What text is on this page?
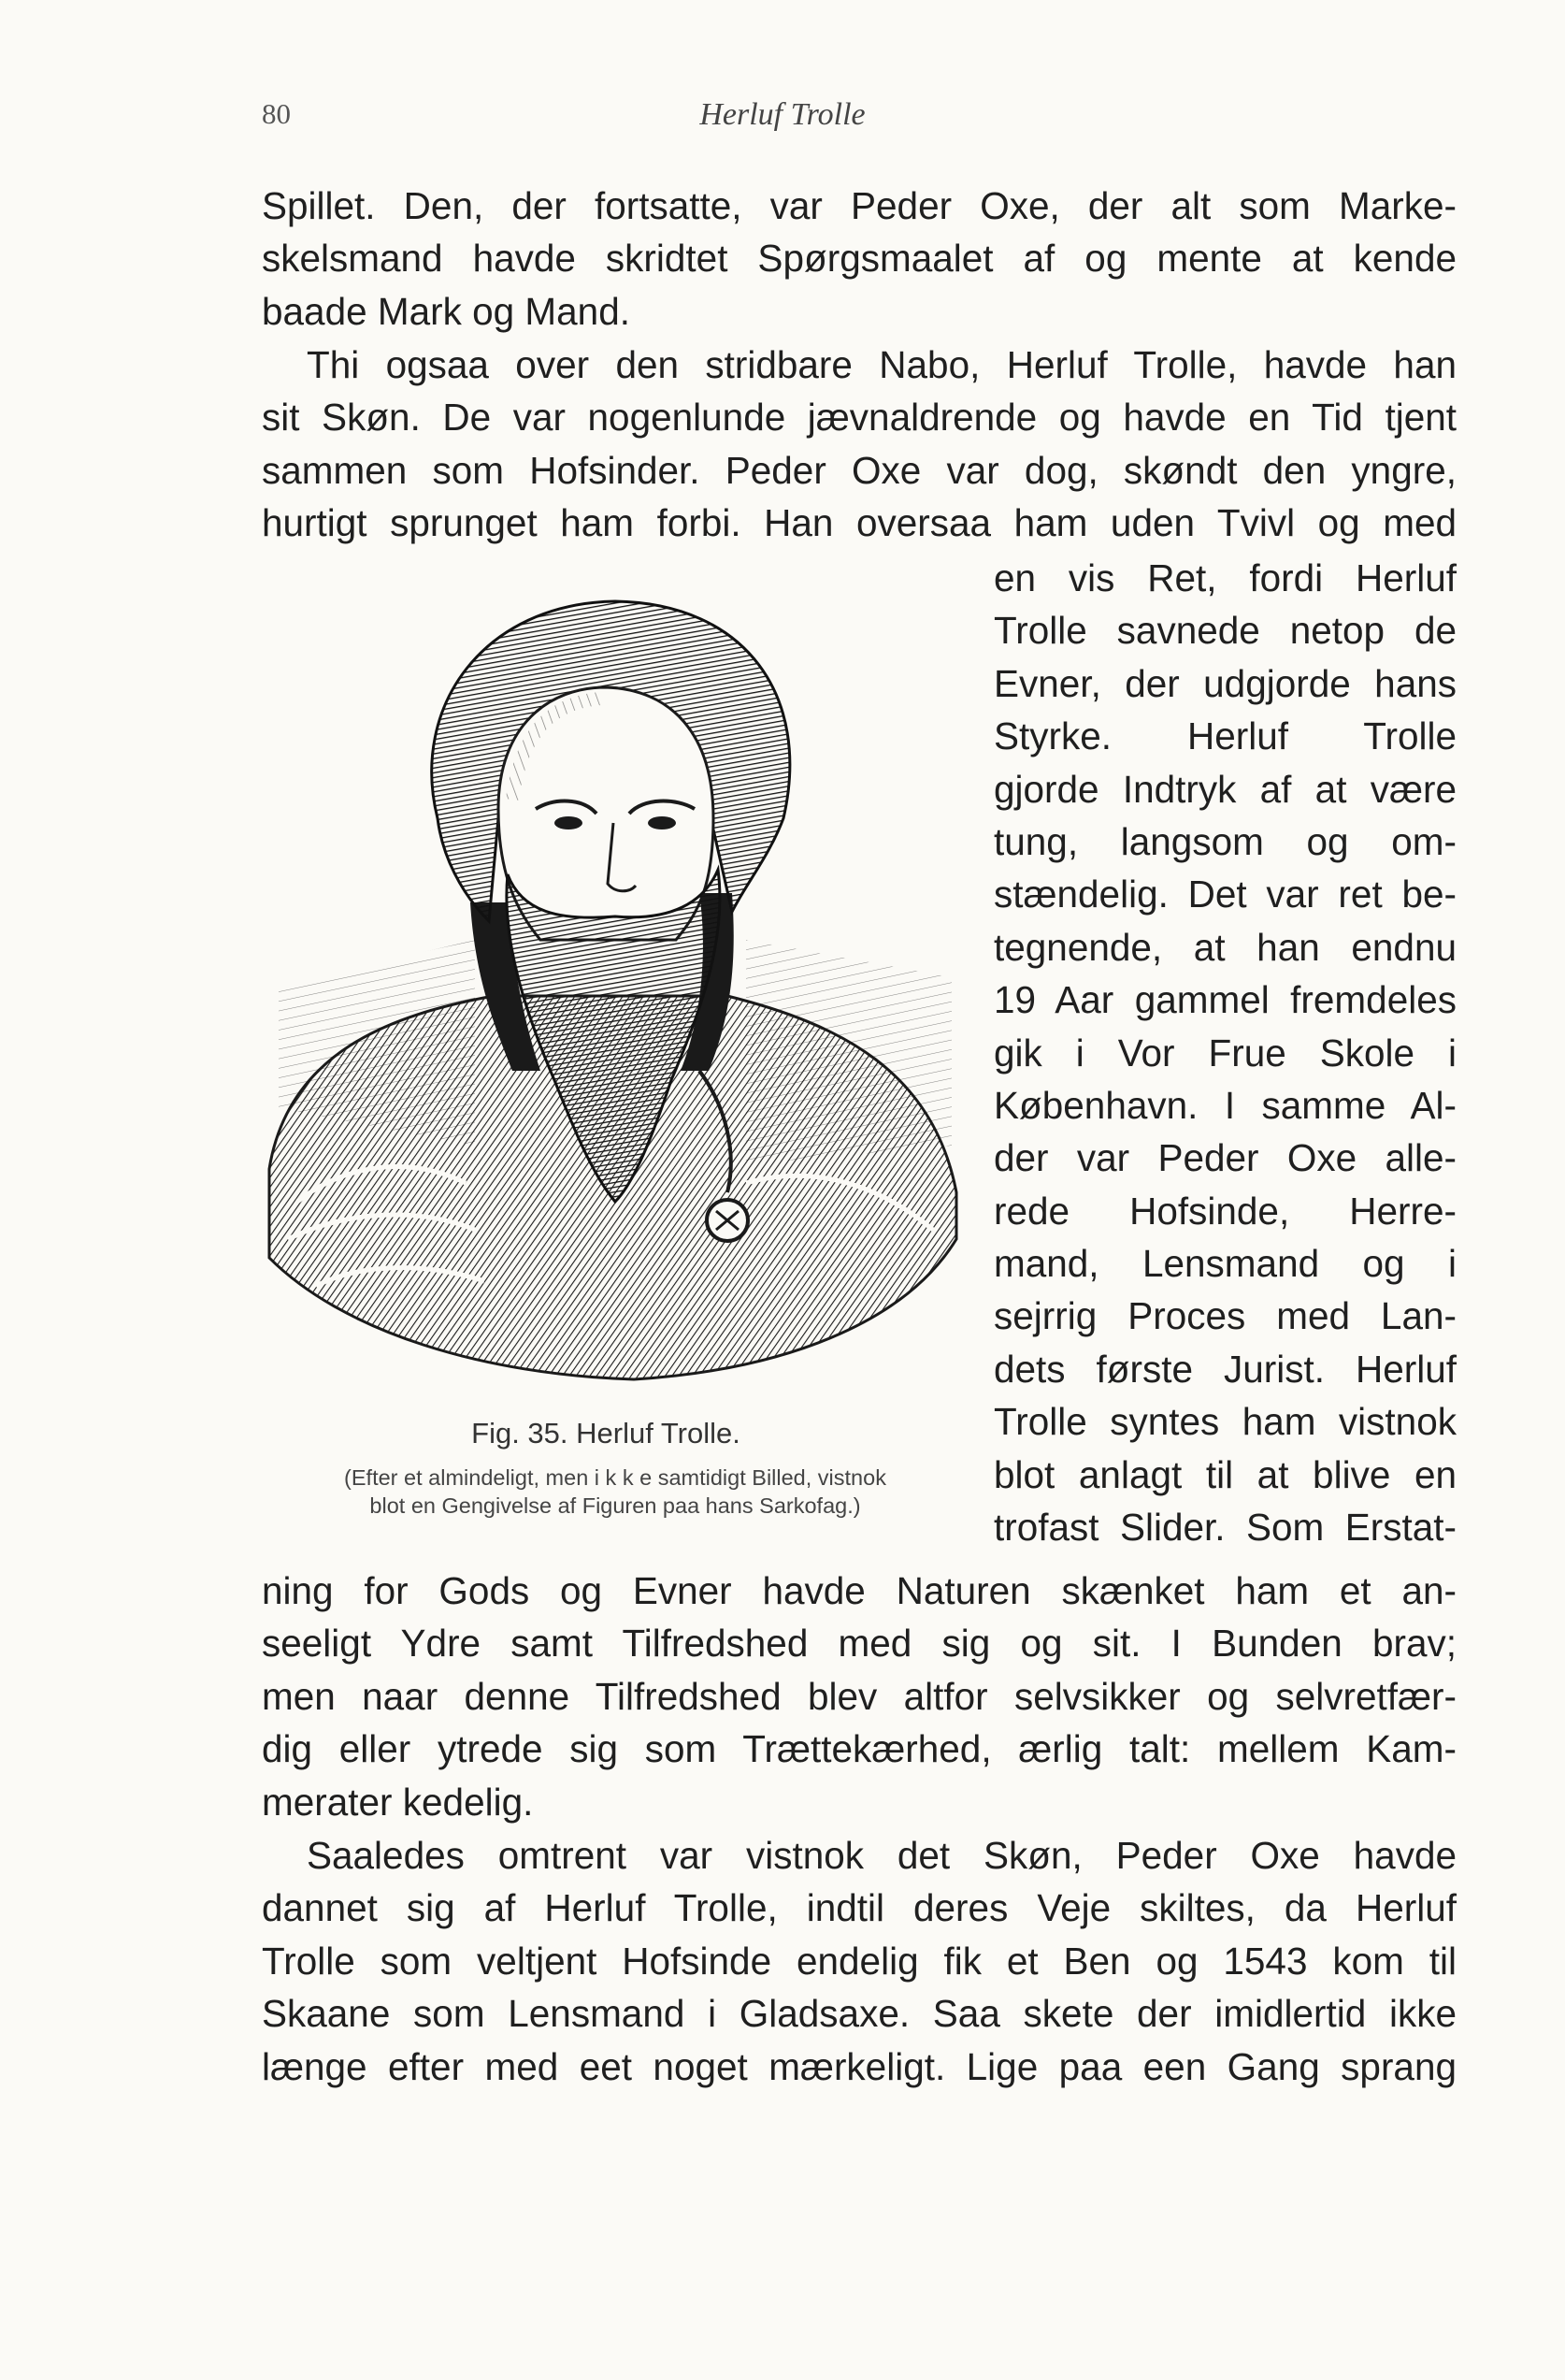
80	Herluf Trolle
Spillet. Den, der fortsatte, var Peder Oxe, der alt som Marke-
skelsmand havde skridtet Spørgsmaalet af og mente at kende
baade Mark og Mand.
Thi ogsaa over den stridbare Nabo, Herluf Trolle, havde han
sit Skøn. De var nogenlunde jævnaldrende og havde en Tid tjent
sammen som Hofsinder. Peder Oxe var dog, skøndt den yngre,
hurtigt sprunget ham forbi. Han oversaa ham uden Tvivl og med
en vis Ret, fordi Herluf
Trolle savnede netop de
Evner, der udgjorde hans
Styrke. Herluf Trolle
gjorde Indtryk af at være
tung, langsom og om-
stændelig. Det var ret be-
tegnende, at han endnu
19 Aar gammel fremdeles
gik i Vor Frue Skole i
København. I samme Al-
der var Peder Oxe alle-
rede Hofsinde, Herre-
mand, Lensmand og i
sejrrig Proces med Lan-
dets første Jurist. Herluf
Trolle syntes ham vistnok
blot anlagt til at blive en
trofast Slider. Som Erstat-
Fig. 35. Herluf Trolle.
(Efter et almindeligt, men i k k e samtidigt Billed, vistnok
blot en Gengivelse af Figuren paa hans Sarkofag.)
ning for Gods og Evner havde Naturen skænket ham et an-
seeligt Ydre samt Tilfredshed med sig og sit. I Bunden brav;
men naar denne Tilfredshed blev altfor selvsikker og selvretfær-
dig eller ytrede sig som Trættekærhed, ærlig talt: mellem Kam-
merater kedelig.
Saaledes omtrent var vistnok det Skøn, Peder Oxe havde
dannet sig af Herluf Trolle, indtil deres Veje skiltes, da Herluf
Trolle som veltjent Hofsinde endelig fik et Ben og 1543 kom til
Skaane som Lensmand i Gladsaxe. Saa skete der imidlertid ikke
længe efter med eet noget mærkeligt. Lige paa een Gang sprang
